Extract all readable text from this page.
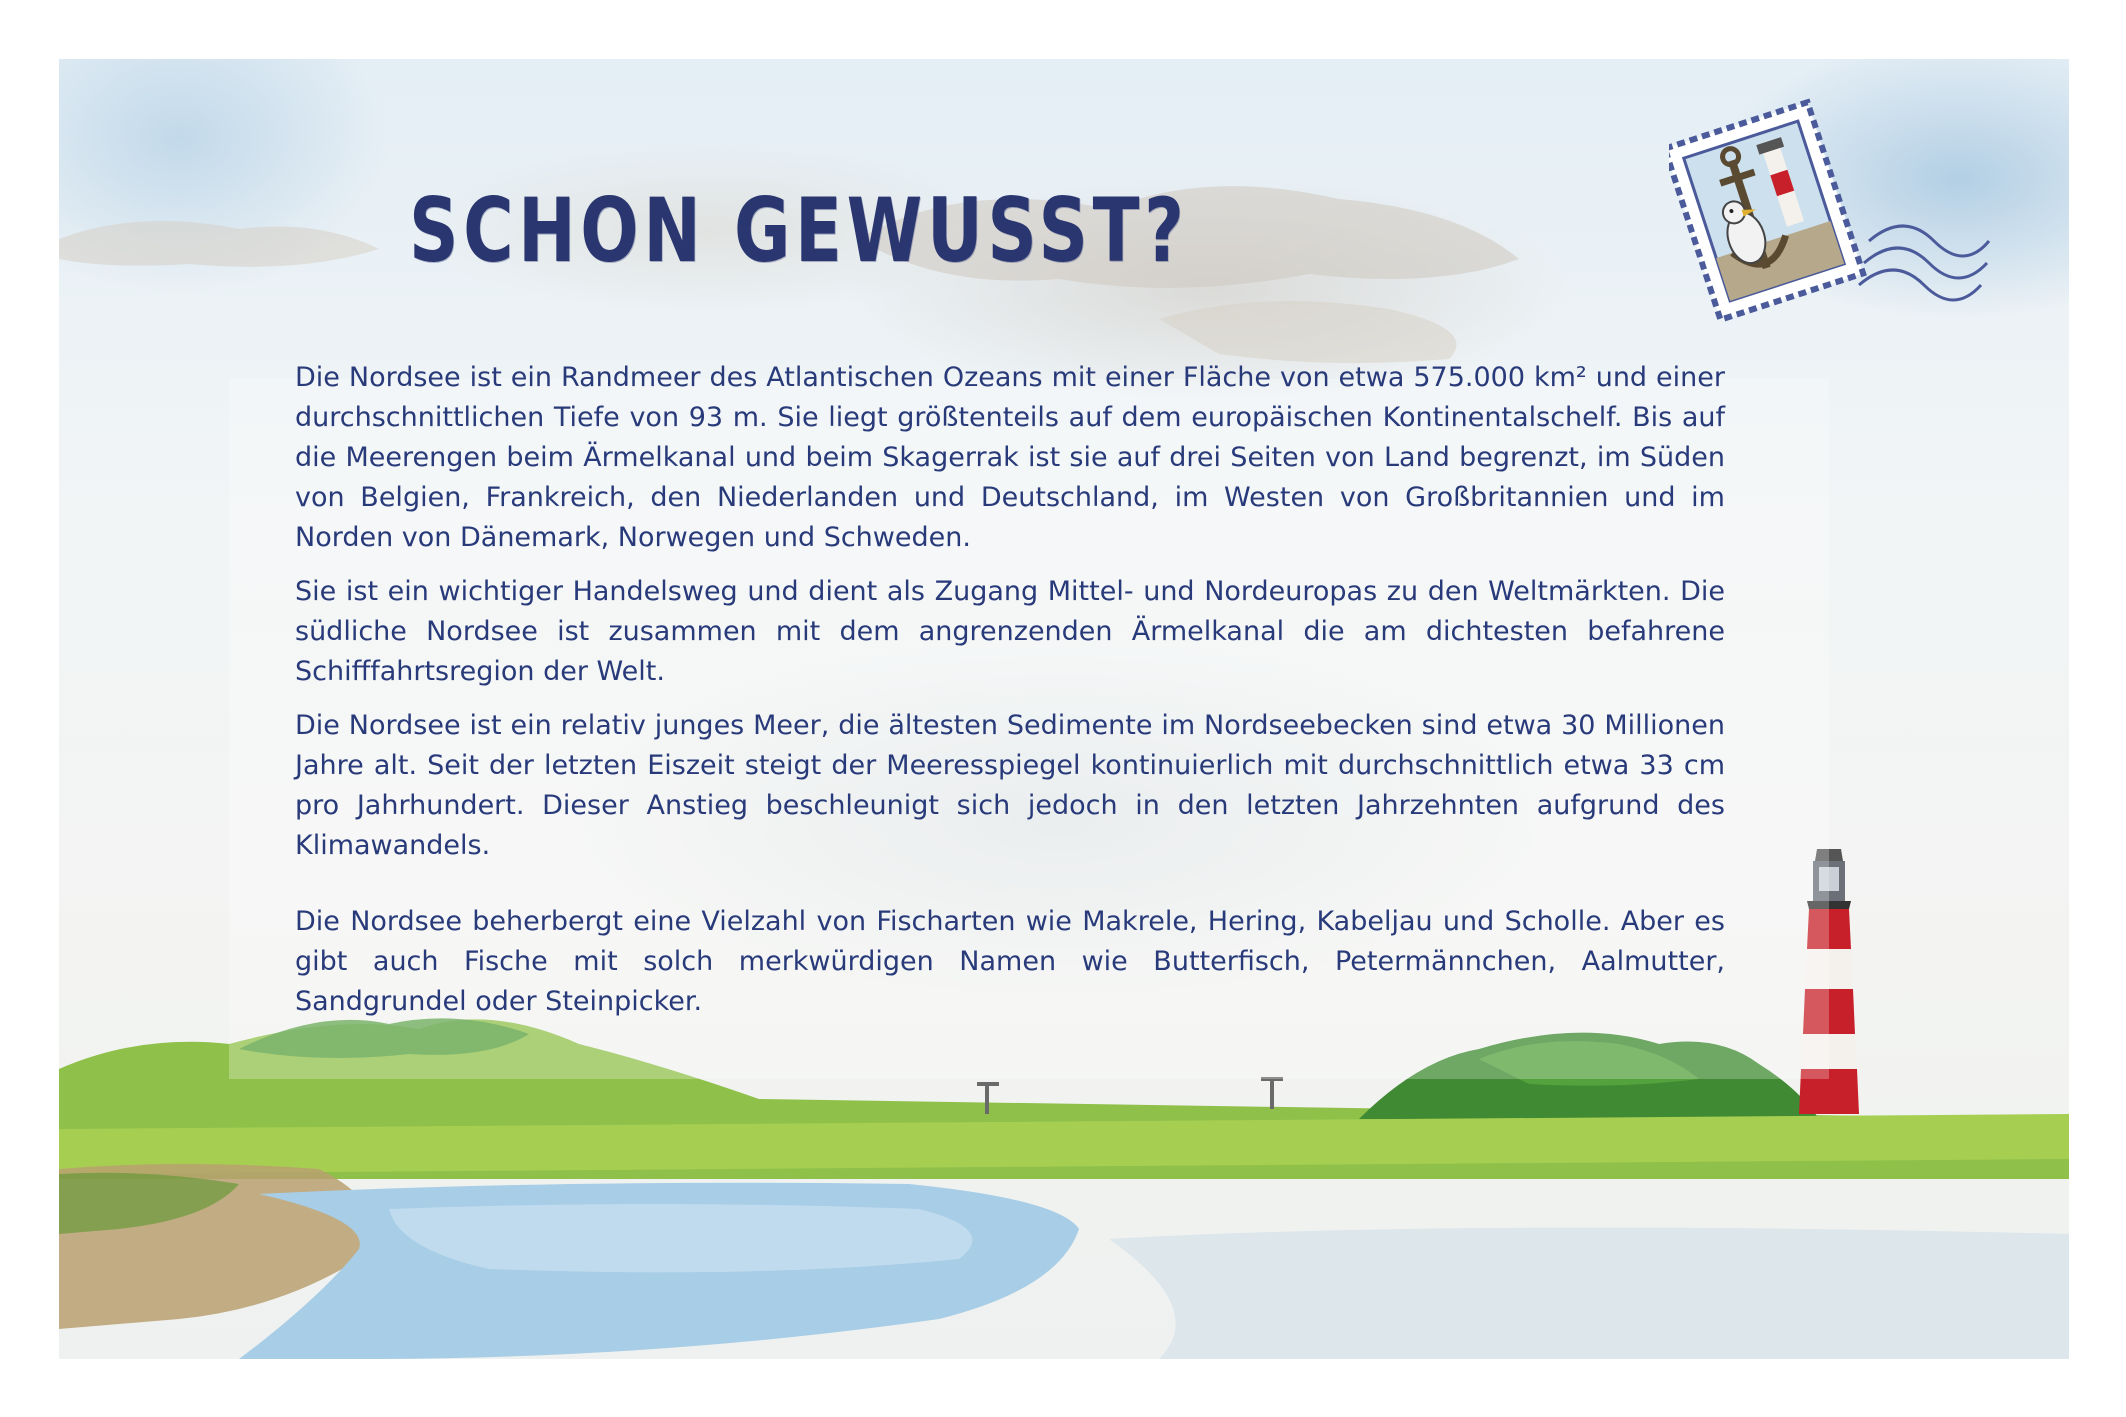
SCHON GEWUSST?

Die Nordsee ist ein Randmeer des Atlantischen Ozeans mit einer Fläche von etwa 575.000 km² und einer durchschnittlichen Tiefe von 93 m. Sie liegt größtenteils auf dem europäischen Kontinentalschelf. Bis auf die Meerengen beim Ärmelkanal und beim Skagerrak ist sie auf drei Seiten von Land begrenzt, im Süden von Belgien, Frankreich, den Niederlanden und Deutschland, im Westen von Großbritannien und im Norden von Dänemark, Norwegen und Schweden.

Sie ist ein wichtiger Handelsweg und dient als Zugang Mittel- und Nordeuropas zu den Weltmärkten. Die südliche Nordsee ist zusammen mit dem angrenzenden Ärmelkanal die am dichtesten befahrene Schifffahrtsregion der Welt.

Die Nordsee ist ein relativ junges Meer, die ältesten Sedimente im Nordseebecken sind etwa 30 Millionen Jahre alt. Seit der letzten Eiszeit steigt der Meeresspiegel kontinuierlich mit durchschnittlich etwa 33 cm pro Jahrhundert. Dieser Anstieg beschleunigt sich jedoch in den letzten Jahrzehnten aufgrund des Klimawandels.

Die Nordsee beherbergt eine Vielzahl von Fischarten wie Makrele, Hering, Kabeljau und Scholle. Aber es gibt auch Fische mit solch merkwürdigen Namen wie Butterfisch, Petermännchen, Aalmutter, Sandgrundel oder Steinpicker.
